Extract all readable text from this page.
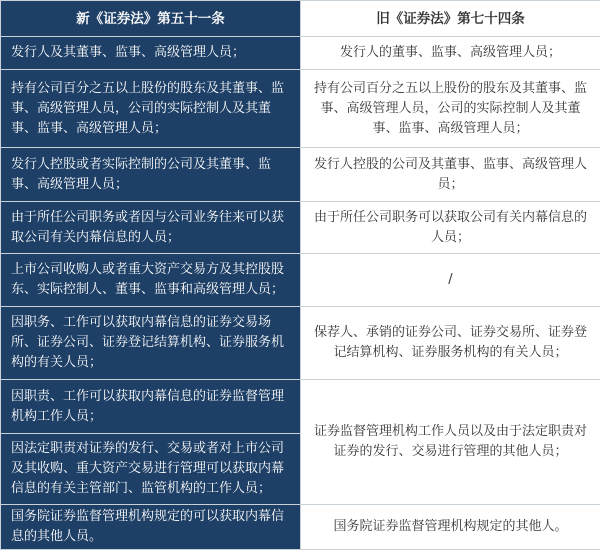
新《证券法》第五十一条	旧《证券法》第七十四条
发行人及其董事、监事、高级管理人员；	发行人的董事、监事、高级管理人员；
持有公司百分之五以上股份的股东及其董事、监事、高级管理人员，公司的实际控制人及其董事、监事、高级管理人员；	持有公司百分之五以上股份的股东及其董事、监事、高级管理人员，公司的实际控制人及其董事、监事、高级管理人员；
发行人控股或者实际控制的公司及其董事、监事、高级管理人员；	发行人控股的公司及其董事、监事、高级管理人员；
由于所任公司职务或者因与公司业务往来可以获取公司有关内幕信息的人员；	由于所任公司职务可以获取公司有关内幕信息的人员；
上市公司收购人或者重大资产交易方及其控股股东、实际控制人、董事、监事和高级管理人员；	/
因职务、工作可以获取内幕信息的证券交易场所、证券公司、证券登记结算机构、证券服务机构的有关人员；	保荐人、承销的证券公司、证券交易所、证券登记结算机构、证券服务机构的有关人员；
因职责、工作可以获取内幕信息的证券监督管理机构工作人员；	证券监督管理机构工作人员以及由于法定职责对证券的发行、交易进行管理的其他人员；
因法定职责对证券的发行、交易或者对上市公司及其收购、重大资产交易进行管理可以获取内幕信息的有关主管部门、监管机构的工作人员；	
国务院证券监督管理机构规定的可以获取内幕信息的其他人员。	国务院证券监督管理机构规定的其他人。
